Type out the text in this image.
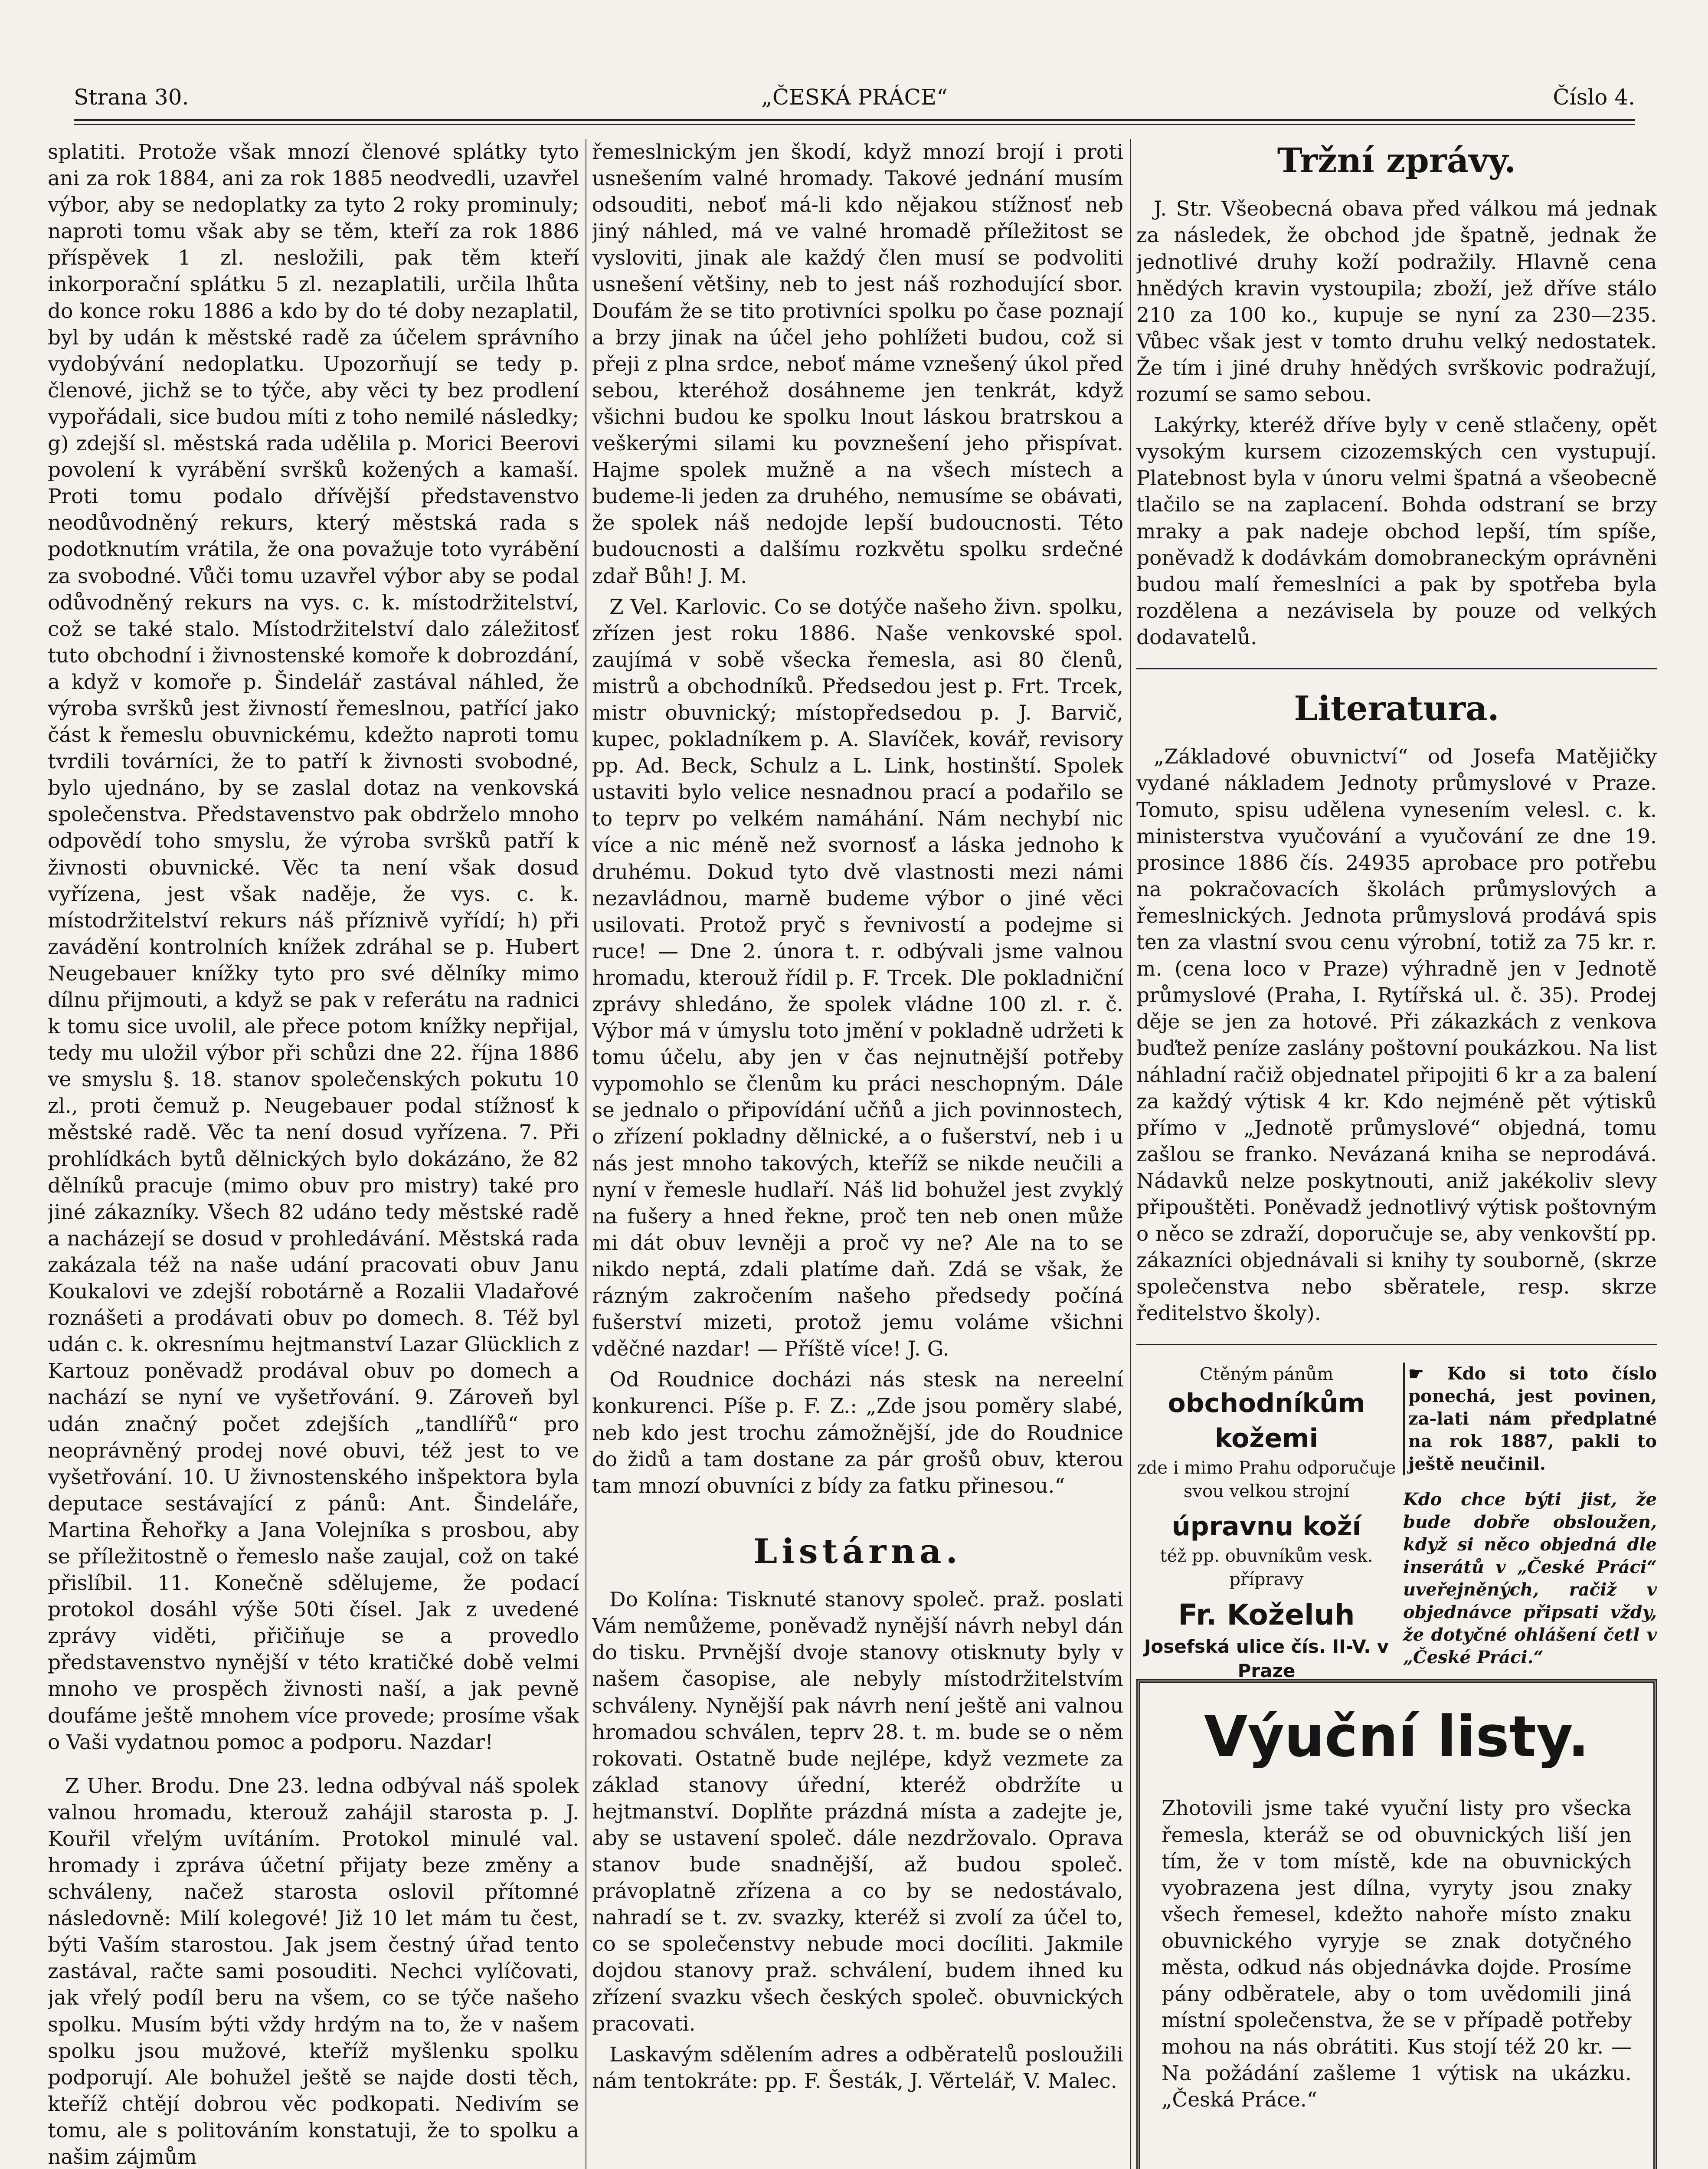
Strana 30.	„ČESKÁ PRÁCE“	Číslo 4.

splatiti. Protože však mnozí členové splátky tyto ani za rok 1884, ani za rok 1885 neodvedli, uzavřel výbor, aby se nedoplatky za tyto 2 roky prominuly; naproti tomu však aby se těm, kteří za rok 1886 příspěvek 1 zl. nesložili, pak těm kteří inkorporační splátku 5 zl. nezaplatili, určila lhůta do konce roku 1886 a kdo by do té doby nezaplatil, byl by udán k městské radě za účelem správního vydobývání nedoplatku. Upozorňují se tedy p. členové, jichž se to týče, aby věci ty bez prodlení vypořádali, sice budou míti z toho nemilé následky; g) zdejší sl. městská rada udělila p. Morici Beerovi povolení k vyrábění svršků kožených a kamaší. Proti tomu podalo dřívější představenstvo neodůvodněný rekurs, který městská rada s podotknutím vrátila, že ona považuje toto vyrábění za svobodné. Vůči tomu uzavřel výbor aby se podal odůvodněný rekurs na vys. c. k. místodržitelství, což se také stalo. Místodržitelství dalo záležitosť tuto obchodní i živnostenské komoře k dobrozdání, a když v komoře p. Šindelář zastával náhled, že výroba svršků jest živností řemeslnou, patřící jako část k řemeslu obuvnickému, kdežto naproti tomu tvrdili továrníci, že to patří k živnosti svobodné, bylo ujednáno, by se zaslal dotaz na venkovská společenstva. Představenstvo pak obdrželo mnoho odpovědí toho smyslu, že výroba svršků patří k živnosti obuvnické. Věc ta není však dosud vyřízena, jest však naděje, že vys. c. k. místodržitelství rekurs náš příznivě vyřídí; h) při zavádění kontrolních knížek zdráhal se p. Hubert Neugebauer knížky tyto pro své dělníky mimo dílnu přijmouti, a když se pak v referátu na radnici k tomu sice uvolil, ale přece potom knížky nepřijal, tedy mu uložil výbor při schůzi dne 22. října 1886 ve smyslu §. 18. stanov společenských pokutu 10 zl., proti čemuž p. Neugebauer podal stížnosť k městské radě. Věc ta není dosud vyřízena. 7. Při prohlídkách bytů dělnických bylo dokázáno, že 82 dělníků pracuje (mimo obuv pro mistry) také pro jiné zákazníky. Všech 82 udáno tedy městské radě a nacházejí se dosud v prohledávání. Městská rada zakázala též na naše udání pracovati obuv Janu Koukalovi ve zdejší robotárně a Rozalii Vladařové roznášeti a prodávati obuv po domech. 8. Též byl udán c. k. okresnímu hejtmanství Lazar Glücklich z Kartouz poněvadž prodával obuv po domech a nachází se nyní ve vyšetřování. 9. Zároveň byl udán značný počet zdejších „tandlířů“ pro neoprávněný prodej nové obuvi, též jest to ve vyšetřování. 10. U živnostenského inšpektora byla deputace sestávající z pánů: Ant. Šindeláře, Martina Řehořky a Jana Volejníka s prosbou, aby se příležitostně o řemeslo naše zaujal, což on také přislíbil. 11. Konečně sdělujeme, že podací protokol dosáhl výše 50ti čísel. Jak z uvedené zprávy viděti, přičiňuje se a provedlo představenstvo nynější v této kratičké době velmi mnoho ve prospěch živnosti naší, a jak pevně doufáme ještě mnohem více provede; prosíme však o Vaši vydatnou pomoc a podporu. Nazdar!

Z Uher. Brodu. Dne 23. ledna odbýval náš spolek valnou hromadu, kterouž zahájil starosta p. J. Kouřil vřelým uvítáním. Protokol minulé val. hromady i zpráva účetní přijaty beze změny a schváleny, načež starosta oslovil přítomné následovně: Milí kolegové! Již 10 let mám tu čest, býti Vaším starostou. Jak jsem čestný úřad tento zastával, račte sami posouditi. Nechci vylíčovati, jak vřelý podíl beru na všem, co se týče našeho spolku. Musím býti vždy hrdým na to, že v našem spolku jsou mužové, kteříž myšlenku spolku podporují. Ale bohužel ještě se najde dosti těch, kteříž chtějí dobrou věc podkopati. Nedivím se tomu, ale s politováním konstatuji, že to spolku a našim zájmům

řemeslnickým jen škodí, když mnozí brojí i proti usnešením valné hromady. Takové jednání musím odsouditi, neboť má-li kdo nějakou stížnosť neb jiný náhled, má ve valné hromadě příležitost se vysloviti, jinak ale každý člen musí se podvoliti usnešení většiny, neb to jest náš rozhodující sbor. Doufám že se tito protivníci spolku po čase poznají a brzy jinak na účel jeho pohlížeti budou, což si přeji z plna srdce, neboť máme vznešený úkol před sebou, kteréhož dosáhneme jen tenkrát, když všichni budou ke spolku lnout láskou bratrskou a veškerými silami ku povznešení jeho přispívat. Hajme spolek mužně a na všech místech a budeme-li jeden za druhého, nemusíme se obávati, že spolek náš nedojde lepší budoucnosti. Této budoucnosti a dalšímu rozkvětu spolku srdečné zdař Bůh! J. M.

Z Vel. Karlovic. Co se dotýče našeho živn. spolku, zřízen jest roku 1886. Naše venkovské spol. zaujímá v sobě všecka řemesla, asi 80 členů, mistrů a obchodníků. Předsedou jest p. Frt. Trcek, mistr obuvnický; místopředsedou p. J. Barvič, kupec, pokladníkem p. A. Slavíček, kovář, revisory pp. Ad. Beck, Schulz a L. Link, hostinští. Spolek ustaviti bylo velice nesnadnou prací a podařilo se to teprv po velkém namáhání. Nám nechybí nic více a nic méně než svornosť a láska jednoho k druhému. Dokud tyto dvě vlastnosti mezi námi nezavládnou, marně budeme výbor o jiné věci usilovati. Protož pryč s řevnivostí a podejme si ruce! — Dne 2. února t. r. odbývali jsme valnou hromadu, kterouž řídil p. F. Trcek. Dle pokladniční zprávy shledáno, že spolek vládne 100 zl. r. č. Výbor má v úmyslu toto jmění v pokladně udržeti k tomu účelu, aby jen v čas nejnutnější potřeby vypomohlo se členům ku práci neschopným. Dále se jednalo o připovídání učňů a jich povinnostech, o zřízení pokladny dělnické, a o fušerství, neb i u nás jest mnoho takových, kteříž se nikde neučili a nyní v řemesle hudlaří. Náš lid bohužel jest zvyklý na fušery a hned řekne, proč ten neb onen může mi dát obuv levněji a proč vy ne? Ale na to se nikdo neptá, zdali platíme daň. Zdá se však, že rázným zakročením našeho předsedy počíná fušerství mizeti, protož jemu voláme všichni vděčné nazdar! — Příště více! J. G.

Od Roudnice docházi nás stesk na nereelní konkurenci. Píše p. F. Z.: „Zde jsou poměry slabé, neb kdo jest trochu zámožnější, jde do Roudnice do židů a tam dostane za pár grošů obuv, kterou tam mnozí obuvníci z bídy za fatku přinesou.“

Listárna.

Do Kolína: Tisknuté stanovy společ. praž. poslati Vám nemůžeme, poněvadž nynější návrh nebyl dán do tisku. Prvnější dvoje stanovy otisknuty byly v našem časopise, ale nebyly místodržitelstvím schváleny. Nynější pak návrh není ještě ani valnou hromadou schválen, teprv 28. t. m. bude se o něm rokovati. Ostatně bude nejlépe, když vezmete za základ stanovy úřední, kteréž obdržíte u hejtmanství. Doplňte prázdná místa a zadejte je, aby se ustavení společ. dále nezdržovalo. Oprava stanov bude snadnější, až budou společ. právoplatně zřízena a co by se nedostávalo, nahradí se t. zv. svazky, kteréž si zvolí za účel to, co se společenstvy nebude moci docíliti. Jakmile dojdou stanovy praž. schválení, budem ihned ku zřízení svazku všech českých společ. obuvnických pracovati.

Laskavým sdělením adres a odběratelů posloužili nám tentokráte: pp. F. Šesták, J. Věrtelář, V. Malec.

Tržní zprávy.

J. Str. Všeobecná obava před válkou má jednak za následek, že obchod jde špatně, jednak že jednotlivé druhy koží podražily. Hlavně cena hnědých kravin vystoupila; zboží, jež dříve stálo 210 za 100 ko., kupuje se nyní za 230—235. Vůbec však jest v tomto druhu velký nedostatek. Že tím i jiné druhy hnědých svrškovic podražují, rozumí se samo sebou.

Lakýrky, kteréž dříve byly v ceně stlačeny, opět vysokým kursem cizozemských cen vystupují. Platebnost byla v únoru velmi špatná a všeobecně tlačilo se na zaplacení. Bohda odstraní se brzy mraky a pak nadeje obchod lepší, tím spíše, poněvadž k dodávkám domobraneckým oprávněni budou malí řemeslníci a pak by spotřeba byla rozdělena a nezávisela by pouze od velkých dodavatelů.

Literatura.

„Základové obuvnictví“ od Josefa Matějičky vydané nákladem Jednoty průmyslové v Praze. Tomuto, spisu udělena vynesením velesl. c. k. ministerstva vyučování a vyučování ze dne 19. prosince 1886 čís. 24935 aprobace pro potřebu na pokračovacích školách průmyslových a řemeslnických. Jednota průmyslová prodává spis ten za vlastní svou cenu výrobní, totiž za 75 kr. r. m. (cena loco v Praze) výhradně jen v Jednotě průmyslové (Praha, I. Rytířská ul. č. 35). Prodej děje se jen za hotové. Při zákazkách z venkova buďtež peníze zaslány poštovní poukázkou. Na list náhladní račiž objednatel připojiti 6 kr a za balení za každý výtisk 4 kr. Kdo nejméně pět výtisků přímo v „Jednotě průmyslové“ objedná, tomu zašlou se franko. Nevázaná kniha se neprodává. Nádavků nelze poskytnouti, aniž jakékoliv slevy připouštěti. Poněvadž jednotlivý výtisk poštovným o něco se zdraží, doporučuje se, aby venkovští pp. zákazníci objednávali si knihy ty souborně, (skrze společenstva nebo sběratele, resp. skrze ředitelstvo školy).

Ctěným pánům
obchodníkům kožemi
zde i mimo Prahu odporučuje svou velkou strojní
úpravnu koží
též pp. obuvníkům vesk. přípravy
Fr. Koželuh
Josefská ulice čís. II-V. v Praze
☛ Kdo si toto číslo ponechá, jest povinen, za-lati nám předplatné na rok 1887, pakli to ještě neučinil.
Kdo chce býti jist, že bude dobře obsloužen, když si něco objedná dle inserátů v „České Práci“ uveřejněných, račiž v objednávce připsati vždy, že dotyčné ohlášení četl v „České Práci.“
Výuční listy.
Zhotovili jsme také vyuční listy pro všecka řemesla, kteráž se od obuvnických liší jen tím, že v tom místě, kde na obuvnických vyobrazena jest dílna, vyryty jsou znaky všech řemesel, kdežto nahoře místo znaku obuvnického vyryje se znak dotyčného města, odkud nás objednávka dojde. Prosíme pány odběratele, aby o tom uvědomili jiná místní společenstva, že se v případě potřeby mohou na nás obrátiti. Kus stojí též 20 kr. — Na požádání zašleme 1 výtisk na ukázku. „Česká Práce.“
